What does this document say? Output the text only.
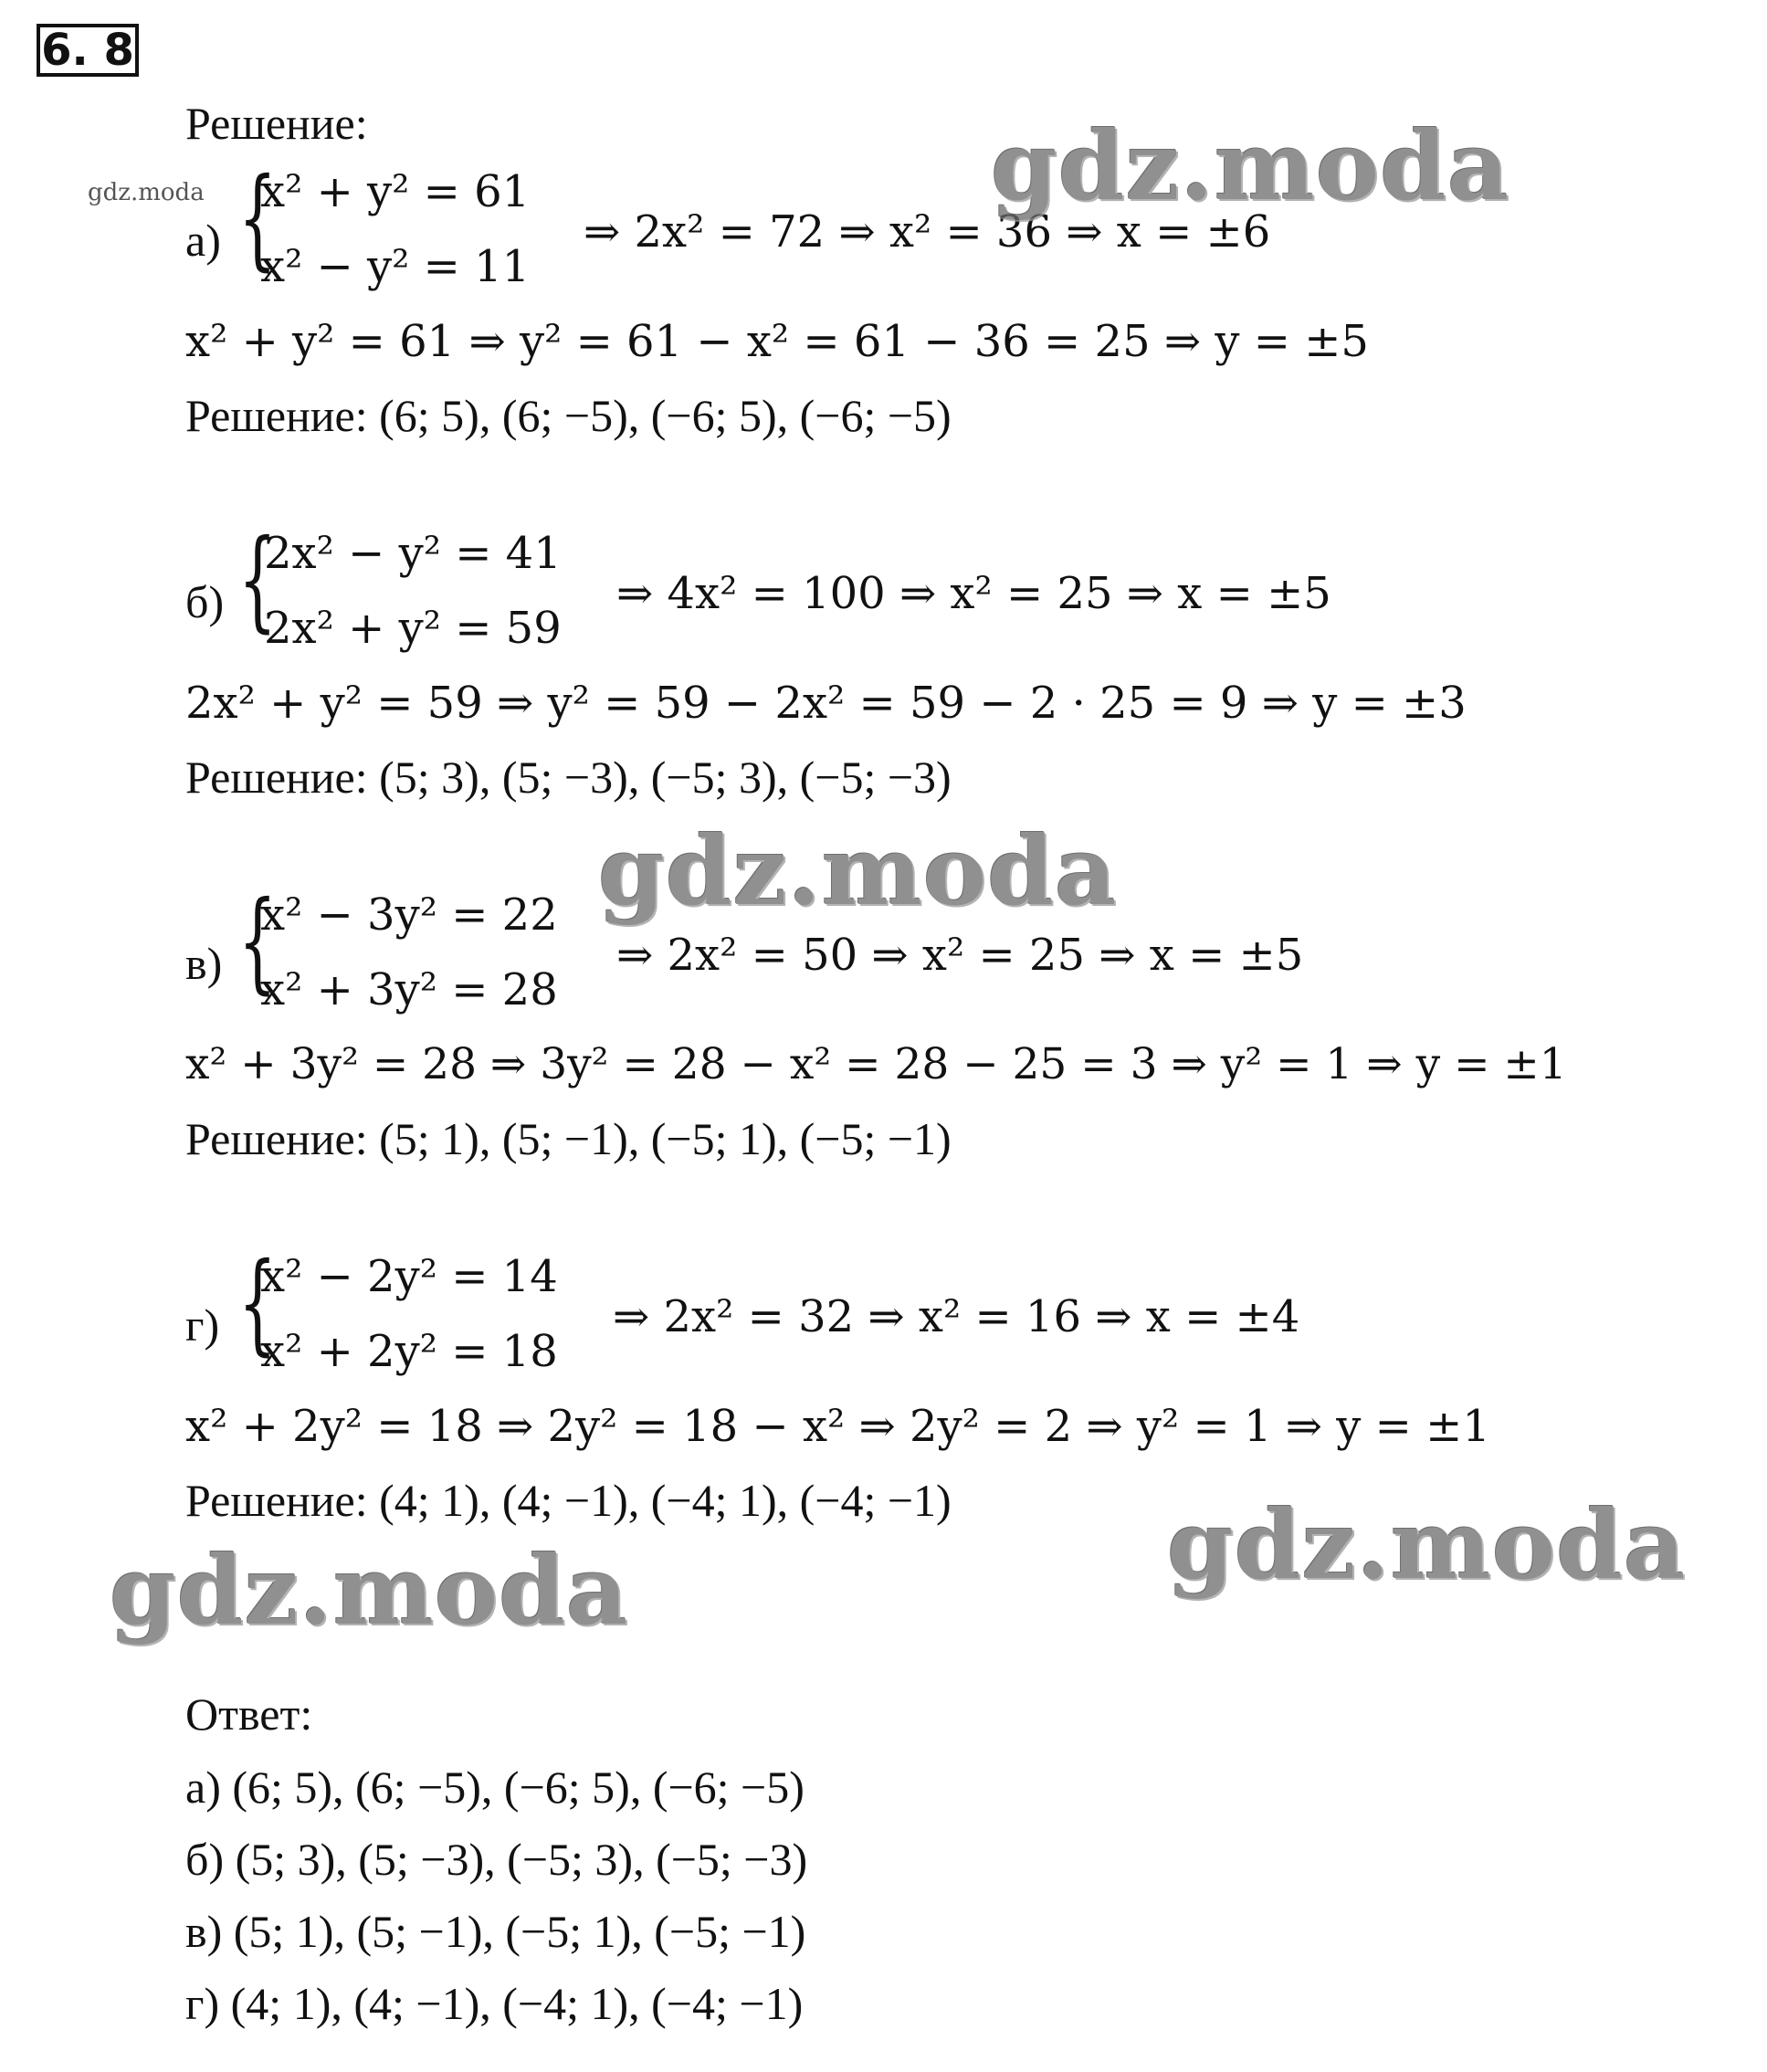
6. 8
Решение:
gdz.moda
а) {
x² + y² = 61
x² − y² = 11
⇒ 2x² = 72 ⇒ x² = 36 ⇒ x = ±6
x² + y² = 61 ⇒ y² = 61 − x² = 61 − 36 = 25 ⇒ y = ±5
Решение: (6; 5), (6; −5), (−6; 5), (−6; −5)
б) {
2x² − y² = 41
2x² + y² = 59
⇒ 4x² = 100 ⇒ x² = 25 ⇒ x = ±5
2x² + y² = 59 ⇒ y² = 59 − 2x² = 59 − 2 · 25 = 9 ⇒ y = ±3
Решение: (5; 3), (5; −3), (−5; 3), (−5; −3)
gdz.moda
в) {
x² − 3y² = 22
x² + 3y² = 28
⇒ 2x² = 50 ⇒ x² = 25 ⇒ x = ±5
x² + 3y² = 28 ⇒ 3y² = 28 − x² = 28 − 25 = 3 ⇒ y² = 1 ⇒ y = ±1
Решение: (5; 1), (5; −1), (−5; 1), (−5; −1)
г) {
x² − 2y² = 14
x² + 2y² = 18
⇒ 2x² = 32 ⇒ x² = 16 ⇒ x = ±4
x² + 2y² = 18 ⇒ 2y² = 18 − x² ⇒ 2y² = 2 ⇒ y² = 1 ⇒ y = ±1
Решение: (4; 1), (4; −1), (−4; 1), (−4; −1) gdz.moda
gdz.moda
Ответ:
а) (6; 5), (6; −5), (−6; 5), (−6; −5)
б) (5; 3), (5; −3), (−5; 3), (−5; −3)
в) (5; 1), (5; −1), (−5; 1), (−5; −1)
г) (4; 1), (4; −1), (−4; 1), (−4; −1)
gdz.moda
